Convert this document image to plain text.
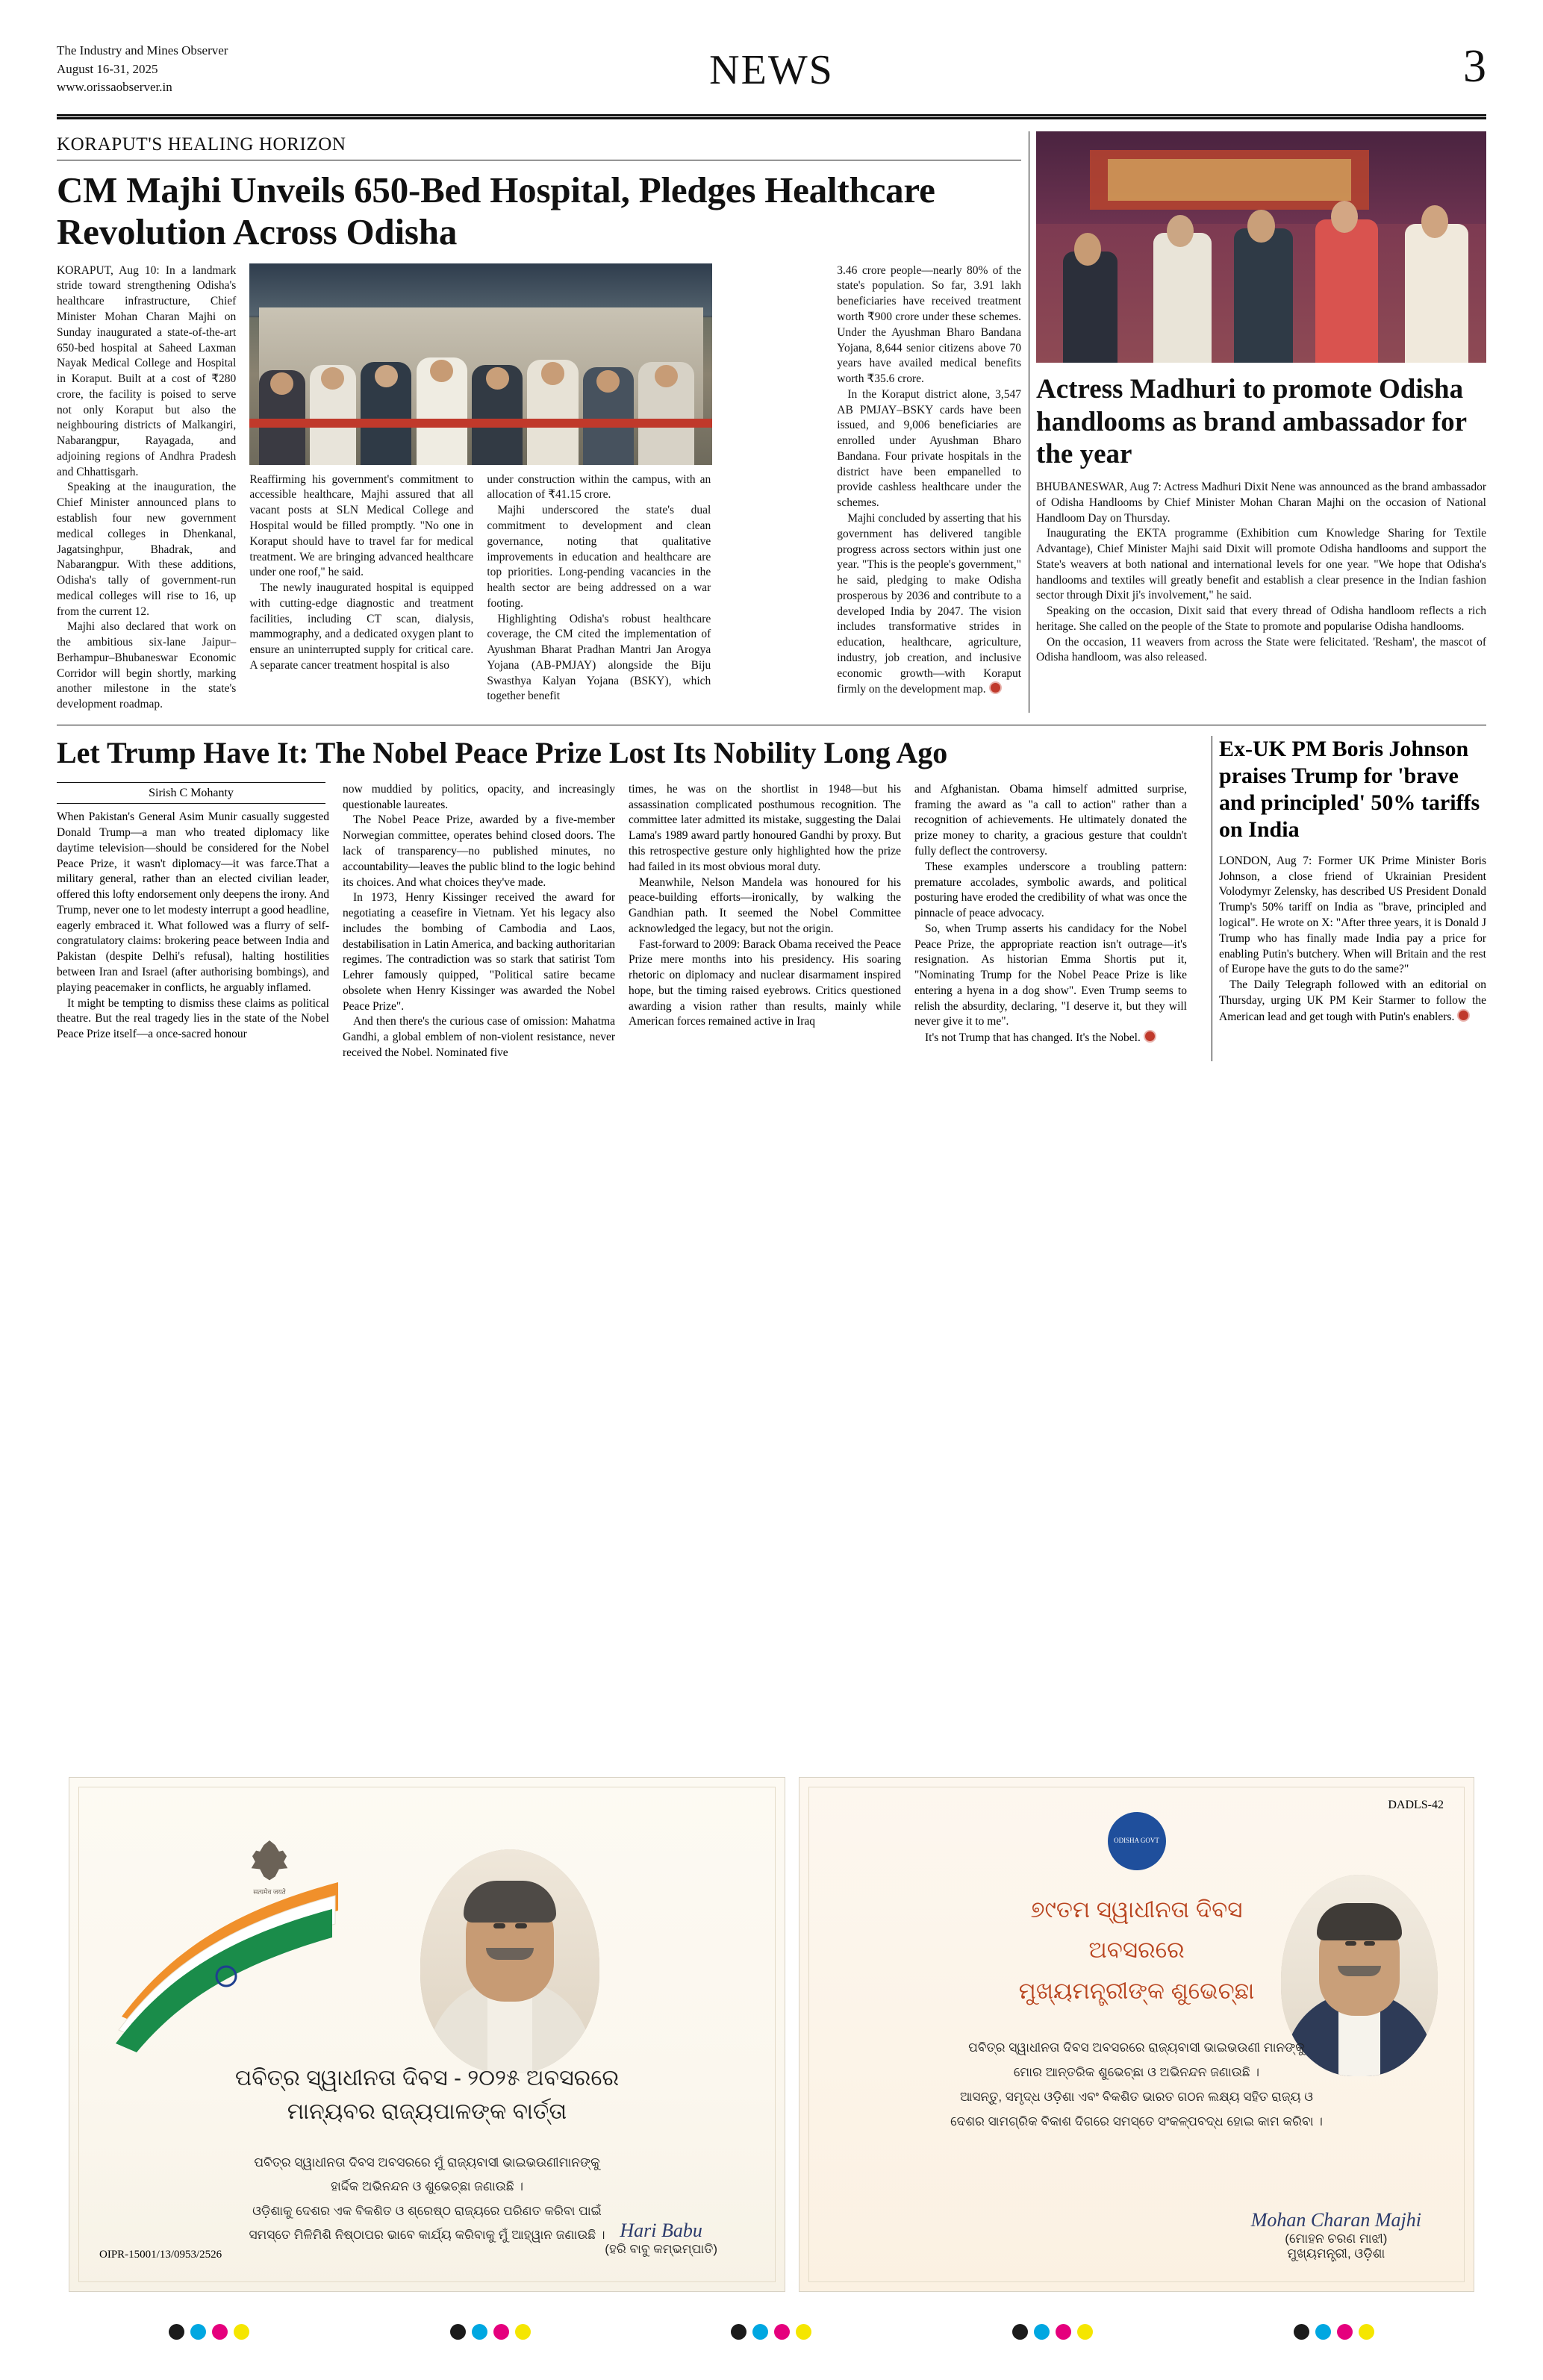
The Industry and Mines Observer
August 16-31, 2025
www.orissaobserver.in	NEWS	3
KORAPUT'S HEALING HORIZON
CM Majhi Unveils 650-Bed Hospital, Pledges Healthcare Revolution Across Odisha

KORAPUT, Aug 10: In a landmark stride toward strengthening Odisha's healthcare infrastructure, Chief Minister Mohan Charan Majhi on Sunday inaugurated a state-of-the-art 650-bed hospital at Saheed Laxman Nayak Medical College and Hospital in Koraput. Built at a cost of ₹280 crore, the facility is poised to serve not only Koraput but also the neighbouring districts of Malkangiri, Nabarangpur, Rayagada, and adjoining regions of Andhra Pradesh and Chhattisgarh.

Speaking at the inauguration, the Chief Minister announced plans to establish four new government medical colleges in Dhenkanal, Jagatsinghpur, Bhadrak, and Nabarangpur. With these additions, Odisha's tally of government-run medical colleges will rise to 16, up from the current 12.

Majhi also declared that work on the ambitious six-lane Jaipur–Berhampur–Bhubaneswar Economic Corridor will begin shortly, marking another milestone in the state's development roadmap.

Reaffirming his government's commitment to accessible healthcare, Majhi assured that all vacant posts at SLN Medical College and Hospital would be filled promptly. "No one in Koraput should have to travel far for medical treatment. We are bringing advanced healthcare under one roof," he said.

The newly inaugurated hospital is equipped with cutting-edge diagnostic and treatment facilities, including CT scan, dialysis, mammography, and a dedicated oxygen plant to ensure an uninterrupted supply for critical care. A separate cancer treatment hospital is also

under construction within the campus, with an allocation of ₹41.15 crore.

Majhi underscored the state's dual commitment to development and clean governance, noting that qualitative improvements in education and healthcare are top priorities. Long-pending vacancies in the health sector are being addressed on a war footing.

Highlighting Odisha's robust healthcare coverage, the CM cited the implementation of Ayushman Bharat Pradhan Mantri Jan Arogya Yojana (AB-PMJAY) alongside the Biju Swasthya Kalyan Yojana (BSKY), which together benefit

3.46 crore people—nearly 80% of the state's population. So far, 3.91 lakh beneficiaries have received treatment worth ₹900 crore under these schemes. Under the Ayushman Bharo Bandana Yojana, 8,644 senior citizens above 70 years have availed medical benefits worth ₹35.6 crore.

In the Koraput district alone, 3,547 AB PMJAY–BSKY cards have been issued, and 9,006 beneficiaries are enrolled under Ayushman Bharo Bandana. Four private hospitals in the district have been empanelled to provide cashless healthcare under the schemes.

Majhi concluded by asserting that his government has delivered tangible progress across sectors within just one year. "This is the people's government," he said, pledging to make Odisha prosperous by 2036 and contribute to a developed India by 2047. The vision includes transformative strides in education, healthcare, agriculture, industry, job creation, and inclusive economic growth—with Koraput firmly on the development map.

Actress Madhuri to promote Odisha handlooms as brand ambassador for the year

BHUBANESWAR, Aug 7: Actress Madhuri Dixit Nene was announced as the brand ambassador of Odisha Handlooms by Chief Minister Mohan Charan Majhi on the occasion of National Handloom Day on Thursday.

Inaugurating the EKTA programme (Exhibition cum Knowledge Sharing for Textile Advantage), Chief Minister Majhi said Dixit will promote Odisha handlooms and support the State's weavers at both national and international levels for one year. "We hope that Odisha's handlooms and textiles will greatly benefit and establish a clear presence in the Indian fashion sector through Dixit ji's involvement," he said.

Speaking on the occasion, Dixit said that every thread of Odisha handloom reflects a rich heritage. She called on the people of the State to promote and popularise Odisha handlooms.

On the occasion, 11 weavers from across the State were felicitated. 'Resham', the mascot of Odisha handloom, was also released.

Let Trump Have It: The Nobel Peace Prize Lost Its Nobility Long Ago
Sirish C Mohanty

When Pakistan's General Asim Munir casually suggested Donald Trump—a man who treated diplomacy like daytime television—should be considered for the Nobel Peace Prize, it wasn't diplomacy—it was farce.That a military general, rather than an elected civilian leader, offered this lofty endorsement only deepens the irony. And Trump, never one to let modesty interrupt a good headline, eagerly embraced it. What followed was a flurry of self-congratulatory claims: brokering peace between India and Pakistan (despite Delhi's refusal), halting hostilities between Iran and Israel (after authorising bombings), and playing peacemaker in conflicts, he arguably inflamed.

It might be tempting to dismiss these claims as political theatre. But the real tragedy lies in the state of the Nobel Peace Prize itself—a once-sacred honour

now muddied by politics, opacity, and increasingly questionable laureates.

The Nobel Peace Prize, awarded by a five-member Norwegian committee, operates behind closed doors. The lack of transparency—no published minutes, no accountability—leaves the public blind to the logic behind its choices. And what choices they've made.

In 1973, Henry Kissinger received the award for negotiating a ceasefire in Vietnam. Yet his legacy also includes the bombing of Cambodia and Laos, destabilisation in Latin America, and backing authoritarian regimes. The contradiction was so stark that satirist Tom Lehrer famously quipped, "Political satire became obsolete when Henry Kissinger was awarded the Nobel Peace Prize".

And then there's the curious case of omission: Mahatma Gandhi, a global emblem of non-violent resistance, never received the Nobel. Nominated five

times, he was on the shortlist in 1948—but his assassination complicated posthumous recognition. The committee later admitted its mistake, suggesting the Dalai Lama's 1989 award partly honoured Gandhi by proxy. But this retrospective gesture only highlighted how the prize had failed in its most obvious moral duty.

Meanwhile, Nelson Mandela was honoured for his peace-building efforts—ironically, by walking the Gandhian path. It seemed the Nobel Committee acknowledged the legacy, but not the origin.

Fast-forward to 2009: Barack Obama received the Peace Prize mere months into his presidency. His soaring rhetoric on diplomacy and nuclear disarmament inspired hope, but the timing raised eyebrows. Critics questioned awarding a vision rather than results, mainly while American forces remained active in Iraq

and Afghanistan. Obama himself admitted surprise, framing the award as "a call to action" rather than a recognition of achievements. He ultimately donated the prize money to charity, a gracious gesture that couldn't fully deflect the controversy.

These examples underscore a troubling pattern: premature accolades, symbolic awards, and political posturing have eroded the credibility of what was once the pinnacle of peace advocacy.

So, when Trump asserts his candidacy for the Nobel Peace Prize, the appropriate reaction isn't outrage—it's resignation. As historian Emma Shortis put it, "Nominating Trump for the Nobel Peace Prize is like entering a hyena in a dog show". Even Trump seems to relish the absurdity, declaring, "I deserve it, but they will never give it to me".

It's not Trump that has changed. It's the Nobel.

Ex-UK PM Boris Johnson praises Trump for 'brave and principled' 50% tariffs on India

LONDON, Aug 7: Former UK Prime Minister Boris Johnson, a close friend of Ukrainian President Volodymyr Zelensky, has described US President Donald Trump's 50% tariff on India as "brave, principled and logical". He wrote on X: "After three years, it is Donald J Trump who has finally made India pay a price for enabling Putin's butchery. When will Britain and the rest of Europe have the guts to do the same?"

The Daily Telegraph followed with an editorial on Thursday, urging UK PM Keir Starmer to follow the American lead and get tough with Putin's enablers.

सत्यमेव जयते
ପବିତ୍ର ସ୍ୱାଧୀନତା ଦିବସ - ୨୦୨୫ ଅବସରରେ
ମାନ୍ୟବର ରାଜ୍ୟପାଳଙ୍କ ବାର୍ତ୍ତା
ପବିତ୍ର ସ୍ୱାଧୀନତା ଦିବସ ଅବସରରେ ମୁଁ ରାଜ୍ୟବାସୀ ଭାଇଭଉଣୀମାନଙ୍କୁ
ହାର୍ଦ୍ଦିକ ଅଭିନନ୍ଦନ ଓ ଶୁଭେଚ୍ଛା ଜଣାଉଛି ।
ଓଡ଼ିଶାକୁ ଦେଶର ଏକ ବିକଶିତ ଓ ଶ୍ରେଷ୍ଠ ରାଜ୍ୟରେ ପରିଣତ କରିବା ପାଇଁ
ସମସ୍ତେ ମିଳିମିଶି ନିଷ୍ଠାପର ଭାବେ କାର୍ଯ୍ୟ କରିବାକୁ ମୁଁ ଆହ୍ୱାନ ଜଣାଉଛି । Hari Babu
(ହରି ବାବୁ କମ୍ଭମ୍ପାତି)
OIPR-15001/13/0953/2526
DADLS-42
ODISHA GOVT
୭୯ତମ ସ୍ୱାଧୀନତା ଦିବସ
ଅବସରରେ
ମୁଖ୍ୟମନ୍ତ୍ରୀଙ୍କ ଶୁଭେଚ୍ଛା
ପବିତ୍ର ସ୍ୱାଧୀନତା ଦିବସ ଅବସରରେ ରାଜ୍ୟବାସୀ ଭାଇଭଉଣୀ ମାନଙ୍କୁ
ମୋର ଆନ୍ତରିକ ଶୁଭେଚ୍ଛା ଓ ଅଭିନନ୍ଦନ ଜଣାଉଛି ।
ଆସନ୍ତୁ, ସମୃଦ୍ଧ ଓଡ଼ିଶା ଏବଂ ବିକଶିତ ଭାରତ ଗଠନ ଲକ୍ଷ୍ୟ ସହିତ ରାଜ୍ୟ ଓ
ଦେଶର ସାମଗ୍ରିକ ବିକାଶ ଦିଗରେ ସମସ୍ତେ ସଂକଳ୍ପବଦ୍ଧ ହୋଇ କାମ କରିବା ।
Mohan Charan Majhi
(ମୋହନ ଚରଣ ମାଝୀ)
ମୁଖ୍ୟମନ୍ତ୍ରୀ, ଓଡ଼ିଶା
